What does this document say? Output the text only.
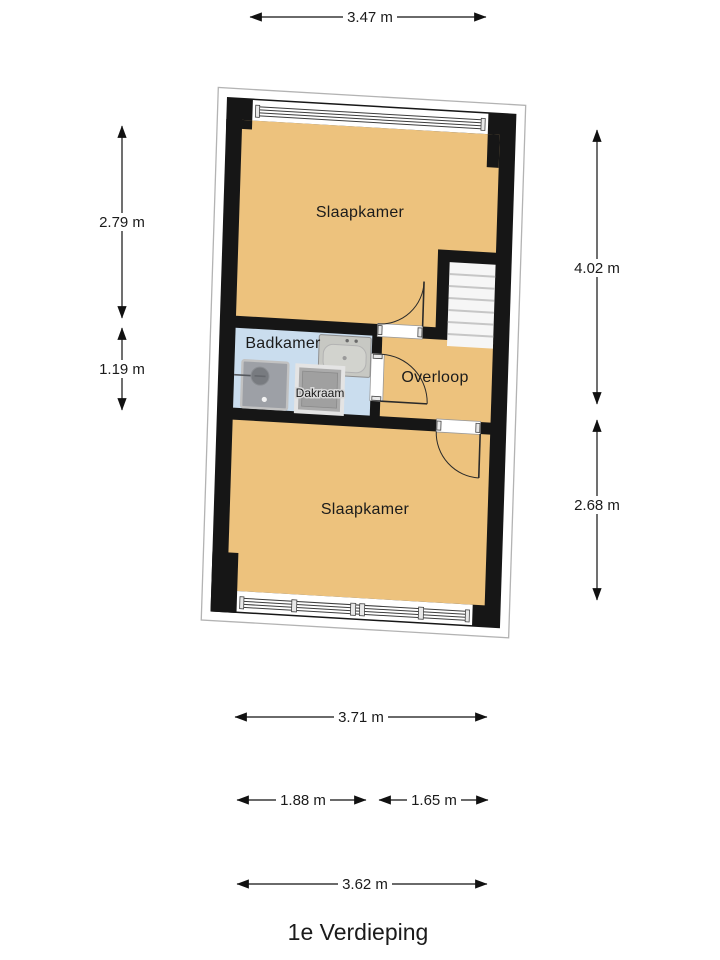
Slaapkamer
Badkamer
Overloop
Dakraam
Slaapkamer
3.47 m
2.79 m
1.19 m
4.02 m
2.68 m
3.71 m
1.88 m	1.65 m
3.62 m
1e Verdieping
